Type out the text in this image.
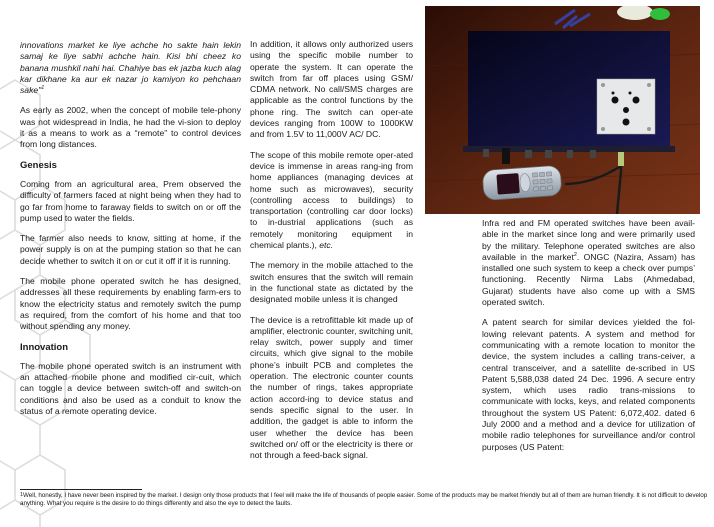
innovations market ke liye achche ho sakte hain lekin samaj ke liye sabhi achche hain. Kisi bhi cheez ko banana mushkil nahi hai. Chahiye bas ek jazba kuch alag kar dikhane ka aur ek nazar jo kamiyon ko pehchaan sake"$^1$

As early as 2002, when the concept of mobile tele-phony was not widespread in India, he had the vi-sion to deploy it as a means to work as a “remote” to control devices from long distances.

Genesis

Coming from an agricultural area, Prem observed the difficulty of farmers faced at night being when they had to go far from home to faraway fields to switch on or off the pump used to water the fields.

The farmer also needs to know, sitting at home, if the power supply is on at the pumping station so that he can decide whether to switch it on or cut it off if it is running.

The mobile phone operated switch he has designed, addresses all these requirements by enabling farm-ers to know the electricity status and remotely switch the pump as required, from the comfort of his home and that too without spending any money.

Innovation

The mobile phone operated switch is an instrument with an attached mobile phone and modified cir-cuit, which can toggle a device between switch-off and switch-on conditions and also be used as a conduit to know the status of a remote operating device.

In addition, it allows only authorized users using the specific mobile number to operate the system. It can operate the switch from far off places using GSM/ CDMA network. No call/SMS charges are applicable as the control functions by the phone ring. The switch can oper-ate devices ranging from 100W to 1000KW and from 1.5V to 11,000V AC/ DC.

The scope of this mobile remote oper-ated device is immense in areas rang-ing from home appliances (managing devices at home such as microwaves), security (controlling access to buildings) to transportation (controlling car door locks) to in-dustrial applications (such as remotely monitoring equipment in chemical plants.), etc.

The memory in the mobile attached to the switch ensures that the switch will remain in the functional state as dictated by the designated mobile unless it is changed

The device is a retrofittable kit made up of amplifier, electronic counter, switching unit, relay switch, power supply and timer circuits, which give signal to the mobile phone’s inbuilt PCB and completes the operation. The electronic counter counts the number of rings, takes appropriate action accord-ing to device status and sends specific signal to the user. In addition, the gadget is able to inform the user whether the device has been switched on/ off or the electricity is there or not through a feed-back signal.

Infra red and FM operated switches have been avail-able in the market since long and were primarily used by the military. Telephone operated switches are also available in the market$^2$. ONGC (Nazira, Assam) has installed one such system to keep a check over pumps’ functioning. Recently Nirma Labs (Ahmedabad, Gujarat) students have also come up with a SMS operated switch.

A patent search for similar devices yielded the fol-lowing relevant patents. A system and method for communicating with a remote location to monitor the device, the system includes a calling trans-ceiver, a central transceiver, and a satellite de-scribed in US Patent 5,588,038 dated 24 Dec. 1996. A secure entry system, which uses radio trans-missions to communicate with locks, keys, and related components throughout the system US Patent: 6,072,402. dated 6 July 2000 and a method and a device for utilization of mobile radio telephones for surveillance and/or control purposes (US Patent:

$^1$Well, honestly, I have never been inspired by the market. I design only those products that I feel will make the life of thousands of people easier. Some of the products may be market friendly but all of them are human friendly. It is not difficult to develop anything. What you require is the desire to do things differently and also the eye to detect the faults.
